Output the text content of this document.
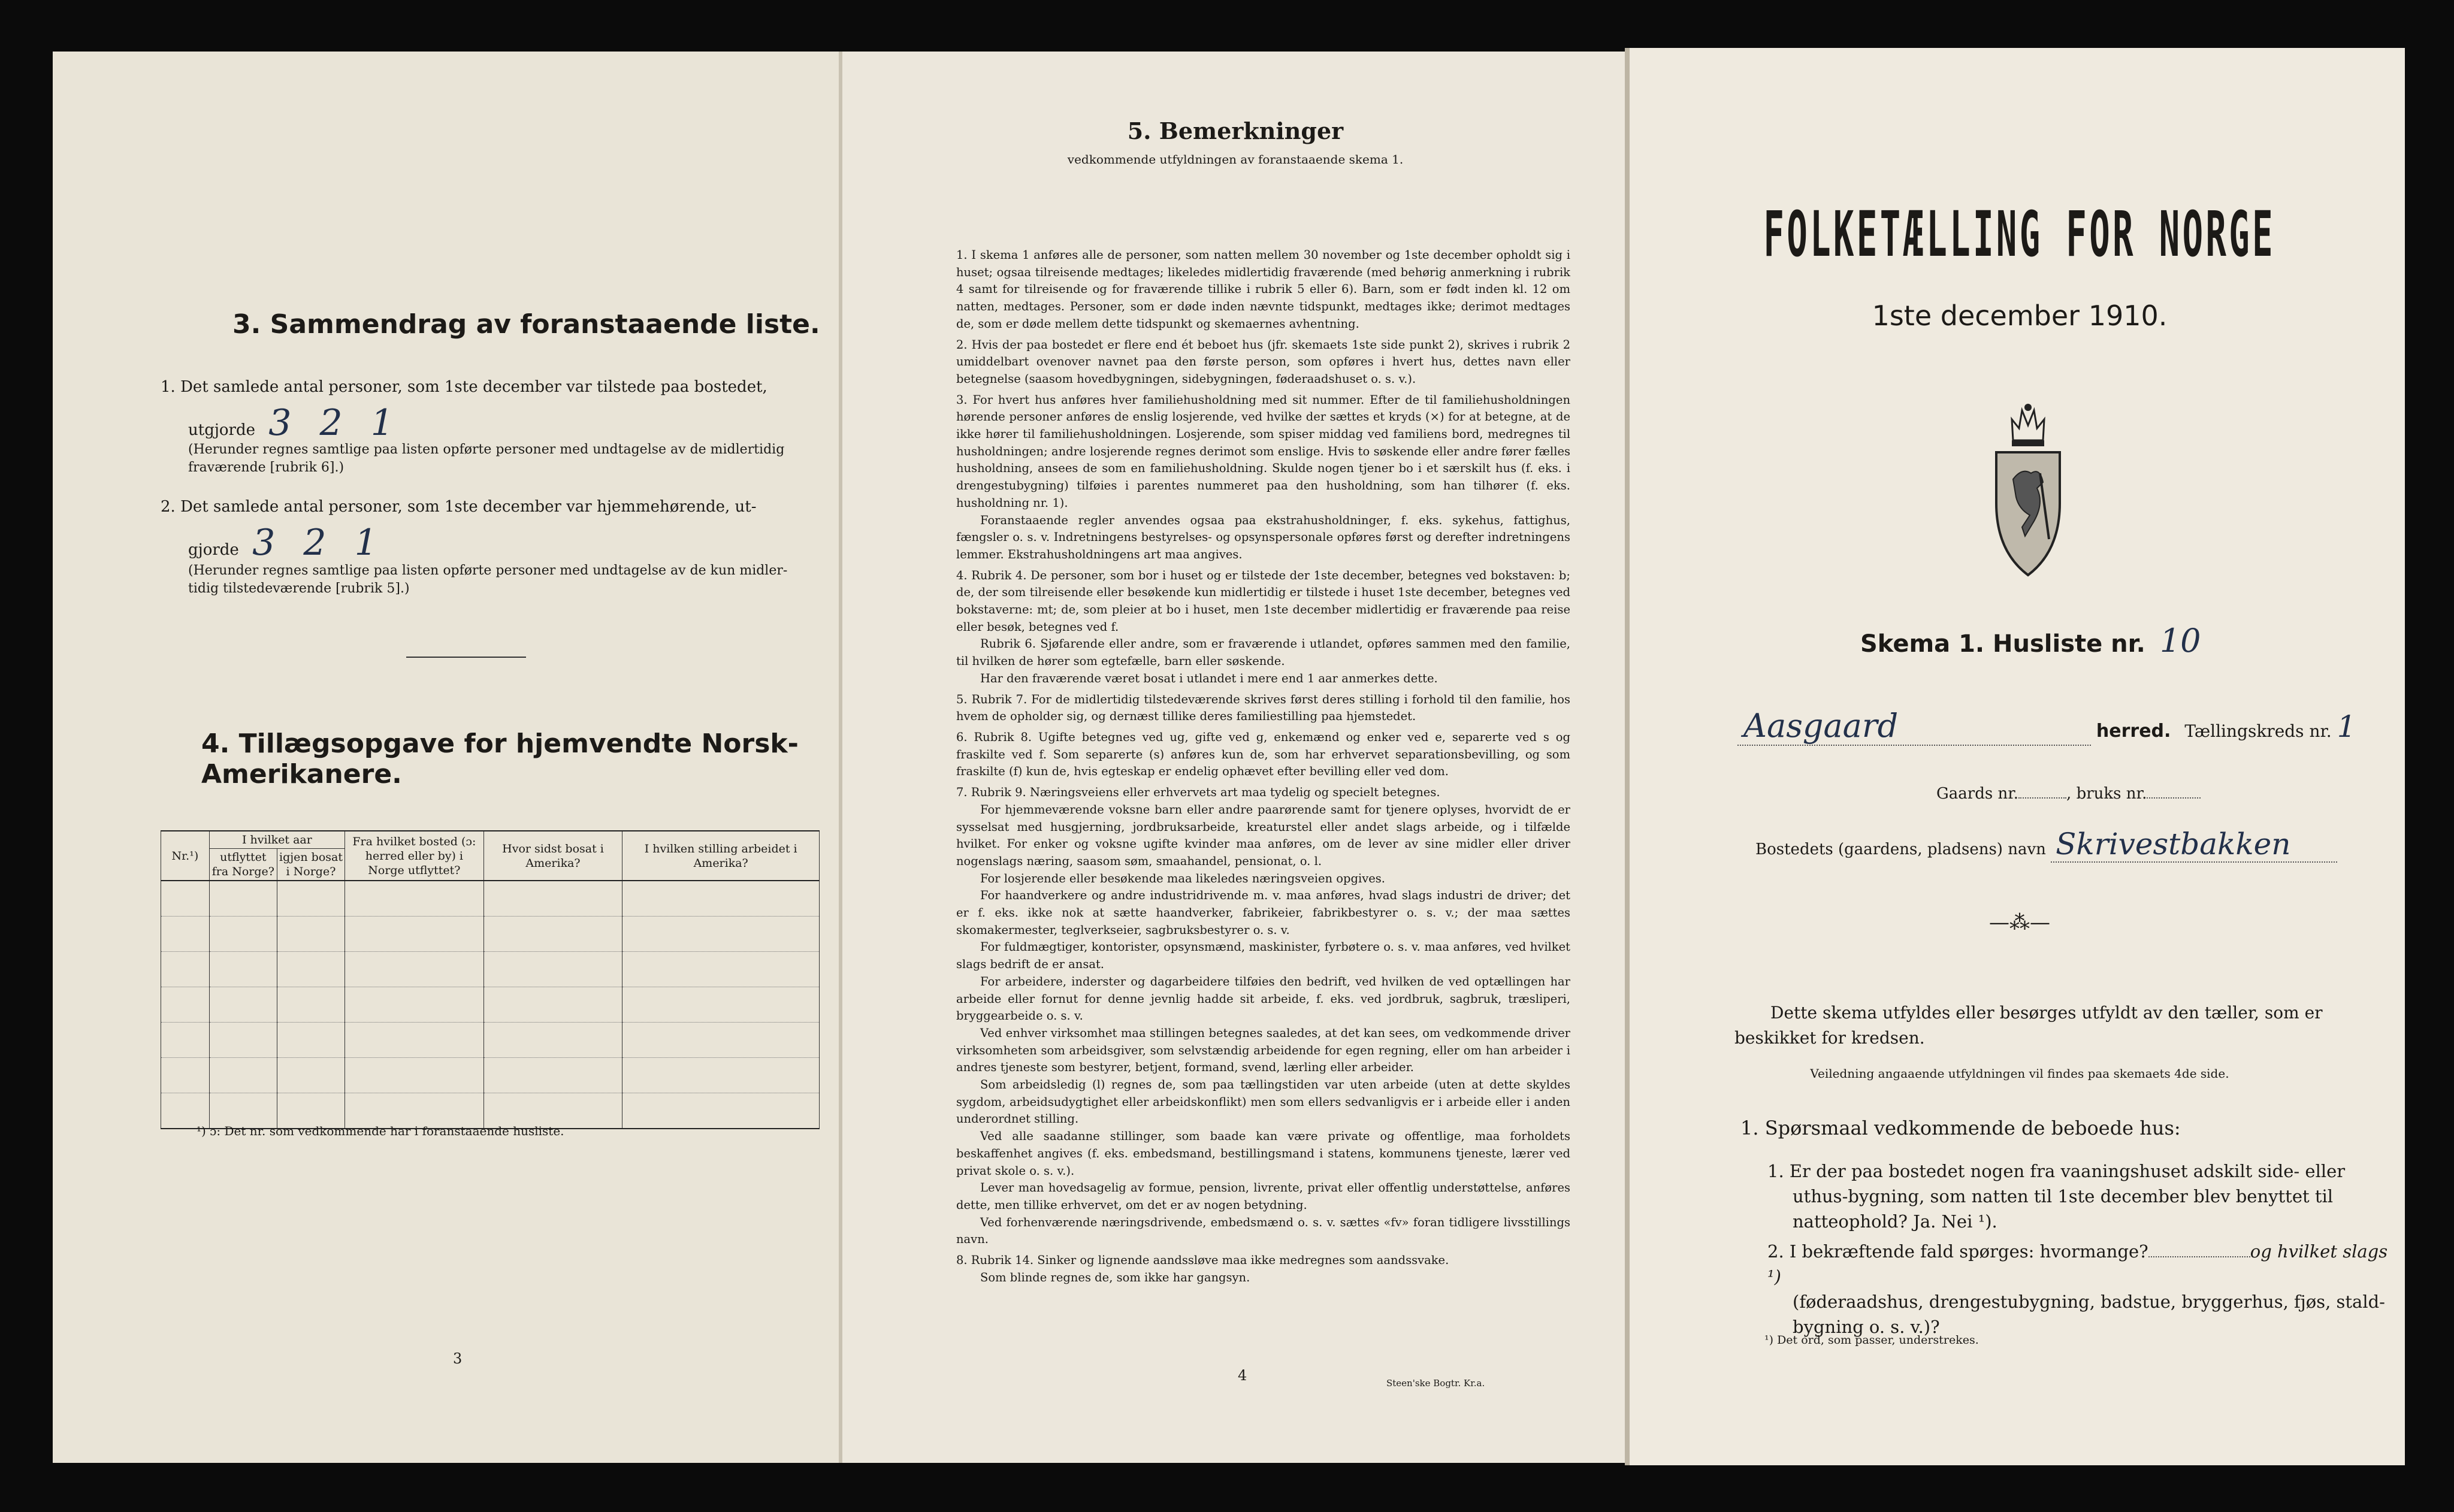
3. Sammendrag av foranstaaende liste.
1. Det samlede antal personer, som 1ste december var tilstede paa bostedet,
utgjorde 3 2 1
(Herunder regnes samtlige paa listen opførte personer med undtagelse av de midlertidig
fraværende [rubrik 6].)
2. Det samlede antal personer, som 1ste december var hjemmehørende, ut-
gjorde 3 2 1
(Herunder regnes samtlige paa listen opførte personer med undtagelse av de kun midler-
tidig tilstedeværende [rubrik 5].)
4. Tillægsopgave for hjemvendte Norsk-Amerikanere.
Nr.¹)	I hvilket aar		Fra hvilket bosted (ɔ: herred eller by) i Norge utflyttet?	Hvor sidst bosat i Amerika?	I hvilken stilling arbeidet i Amerika?
	utflyttet fra Norge?	igjen bosat i Norge?			

¹) ɔ: Det nr. som vedkommende har i foranstaaende husliste.
3
5. Bemerkninger
vedkommende utfyldningen av foranstaaende skema 1.

1. I skema 1 anføres alle de personer, som natten mellem 30 november og 1ste december opholdt sig i huset; ogsaa tilreisende medtages; likeledes midlertidig fraværende (med behørig anmerkning i rubrik 4 samt for tilreisende og for fraværende tillike i rubrik 5 eller 6). Barn, som er født inden kl. 12 om natten, medtages. Personer, som er døde inden nævnte tidspunkt, medtages ikke; derimot medtages de, som er døde mellem dette tidspunkt og skemaernes avhentning.

2. Hvis der paa bostedet er flere end ét beboet hus (jfr. skemaets 1ste side punkt 2), skrives i rubrik 2 umiddelbart ovenover navnet paa den første person, som opføres i hvert hus, dettes navn eller betegnelse (saasom hovedbygningen, sidebygningen, føderaadshuset o. s. v.).

3. For hvert hus anføres hver familiehusholdning med sit nummer. Efter de til familiehusholdningen hørende personer anføres de enslig losjerende, ved hvilke der sættes et kryds (×) for at betegne, at de ikke hører til familiehusholdningen. Losjerende, som spiser middag ved familiens bord, medregnes til husholdningen; andre losjerende regnes derimot som enslige. Hvis to søskende eller andre fører fælles husholdning, ansees de som en familiehusholdning. Skulde nogen tjener bo i et særskilt hus (f. eks. i drengestubygning) tilføies i parentes nummeret paa den husholdning, som han tilhører (f. eks. husholdning nr. 1).

Foranstaaende regler anvendes ogsaa paa ekstrahusholdninger, f. eks. sykehus, fattighus, fængsler o. s. v. Indretningens bestyrelses- og opsynspersonale opføres først og derefter indretningens lemmer. Ekstrahusholdningens art maa angives.

4. Rubrik 4. De personer, som bor i huset og er tilstede der 1ste december, betegnes ved bokstaven: b; de, der som tilreisende eller besøkende kun midlertidig er tilstede i huset 1ste december, betegnes ved bokstaverne: mt; de, som pleier at bo i huset, men 1ste december midlertidig er fraværende paa reise eller besøk, betegnes ved f.

Rubrik 6. Sjøfarende eller andre, som er fraværende i utlandet, opføres sammen med den familie, til hvilken de hører som egtefælle, barn eller søskende.

Har den fraværende været bosat i utlandet i mere end 1 aar anmerkes dette.

5. Rubrik 7. For de midlertidig tilstedeværende skrives først deres stilling i forhold til den familie, hos hvem de opholder sig, og dernæst tillike deres familiestilling paa hjemstedet.

6. Rubrik 8. Ugifte betegnes ved ug, gifte ved g, enkemænd og enker ved e, separerte ved s og fraskilte ved f. Som separerte (s) anføres kun de, som har erhvervet separationsbevilling, og som fraskilte (f) kun de, hvis egteskap er endelig ophævet efter bevilling eller ved dom.

7. Rubrik 9. Næringsveiens eller erhvervets art maa tydelig og specielt betegnes.

For hjemmeværende voksne barn eller andre paarørende samt for tjenere oplyses, hvorvidt de er sysselsat med husgjerning, jordbruksarbeide, kreaturstel eller andet slags arbeide, og i tilfælde hvilket. For enker og voksne ugifte kvinder maa anføres, om de lever av sine midler eller driver nogenslags næring, saasom søm, smaahandel, pensionat, o. l.

For losjerende eller besøkende maa likeledes næringsveien opgives.

For haandverkere og andre industridrivende m. v. maa anføres, hvad slags industri de driver; det er f. eks. ikke nok at sætte haandverker, fabrikeier, fabrikbestyrer o. s. v.; der maa sættes skomakermester, teglverkseier, sagbruksbestyrer o. s. v.

For fuldmægtiger, kontorister, opsynsmænd, maskinister, fyrbøtere o. s. v. maa anføres, ved hvilket slags bedrift de er ansat.

For arbeidere, inderster og dagarbeidere tilføies den bedrift, ved hvilken de ved optællingen har arbeide eller fornut for denne jevnlig hadde sit arbeide, f. eks. ved jordbruk, sagbruk, træsliperi, bryggearbeide o. s. v.

Ved enhver virksomhet maa stillingen betegnes saaledes, at det kan sees, om vedkommende driver virksomheten som arbeidsgiver, som selvstændig arbeidende for egen regning, eller om han arbeider i andres tjeneste som bestyrer, betjent, formand, svend, lærling eller arbeider.

Som arbeidsledig (l) regnes de, som paa tællingstiden var uten arbeide (uten at dette skyldes sygdom, arbeidsudygtighet eller arbeidskonflikt) men som ellers sedvanligvis er i arbeide eller i anden underordnet stilling.

Ved alle saadanne stillinger, som baade kan være private og offentlige, maa forholdets beskaffenhet angives (f. eks. embedsmand, bestillingsmand i statens, kommunens tjeneste, lærer ved privat skole o. s. v.).

Lever man hovedsagelig av formue, pension, livrente, privat eller offentlig understøttelse, anføres dette, men tillike erhvervet, om det er av nogen betydning.

Ved forhenværende næringsdrivende, embedsmænd o. s. v. sættes «fv» foran tidligere livsstillings navn.

8. Rubrik 14. Sinker og lignende aandssløve maa ikke medregnes som aandssvake.

Som blinde regnes de, som ikke har gangsyn.

4	Steen'ske Bogtr. Kr.a.
FOLKETÆLLING FOR NORGE
1ste december 1910.
Skema 1. Husliste nr. 10
Aasgaard	herred. Tællingskreds nr. 1
Gaards nr.	, bruks nr.
Bostedets (gaardens, pladsens) navn Skrivestbakken
—⁂—
Dette skema utfyldes eller besørges utfyldt av den tæller, som er
beskikket for kredsen.
Veiledning angaaende utfyldningen vil findes paa skemaets 4de side.
1. Spørsmaal vedkommende de beboede hus:
1. Er der paa bostedet nogen fra vaaningshuset adskilt side- eller
uthus-bygning, som natten til 1ste december blev benyttet til
natteophold? Ja. Nei ¹).
2. I bekræftende fald spørges: hvormange?	og hvilket slags ¹)
(føderaadshus, drengestubygning, badstue, bryggerhus, fjøs, stald-
bygning o. s. v.)?
¹) Det ord, som passer, understrekes.
